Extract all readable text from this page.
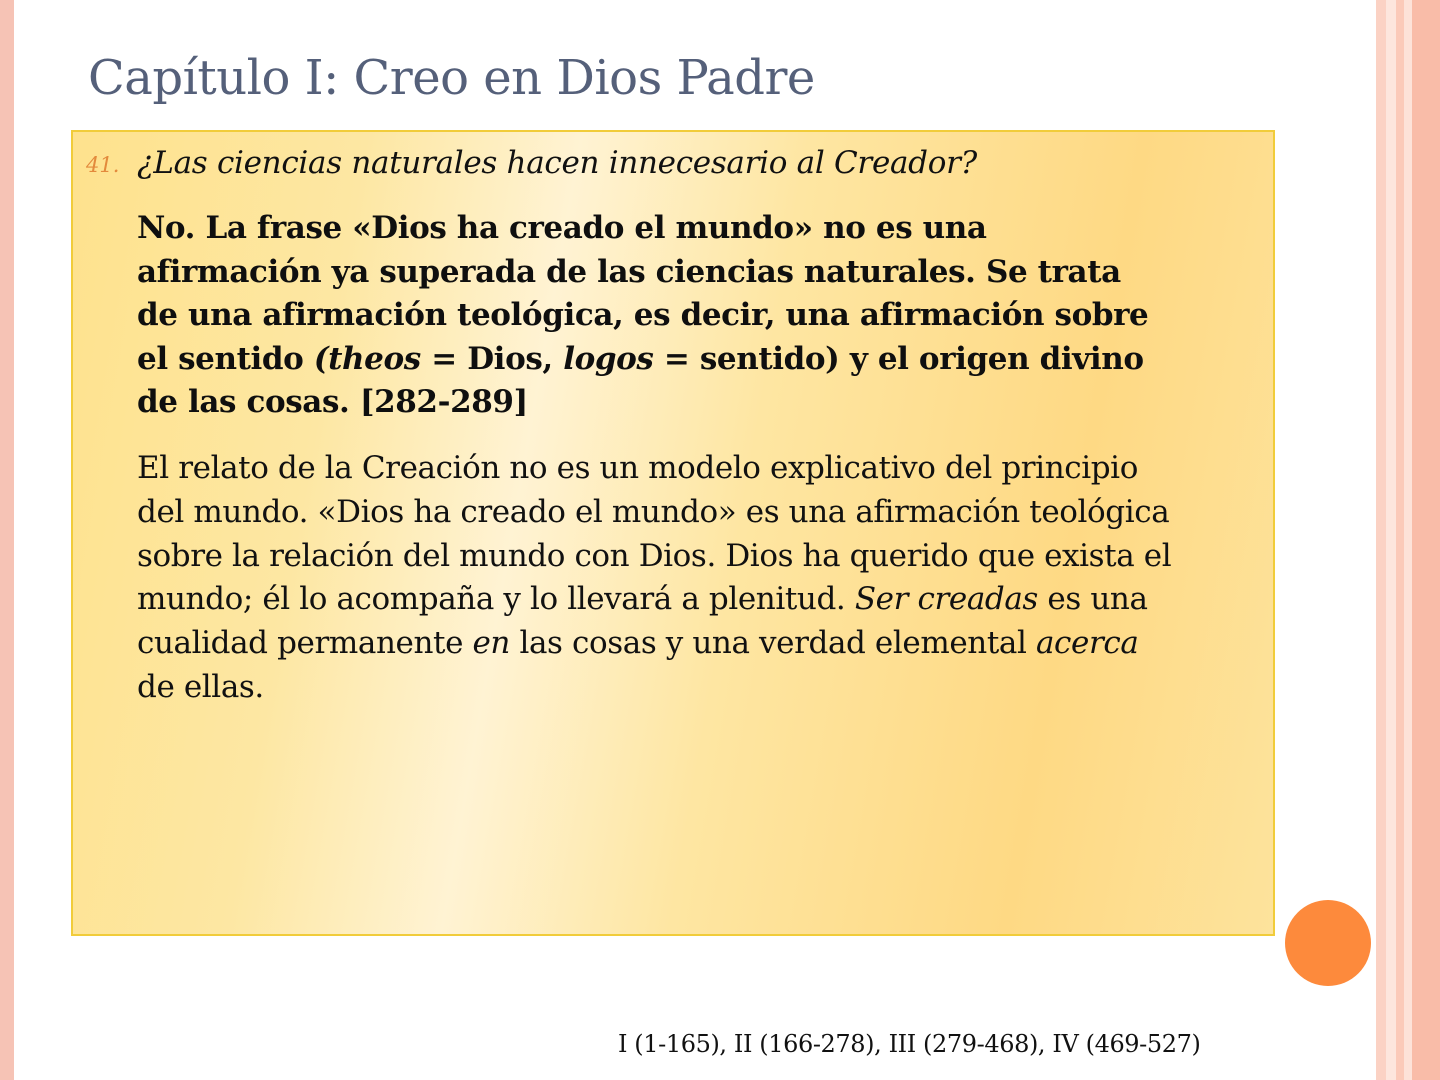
Capítulo I: Creo en Dios Padre
41. ¿Las ciencias naturales hacen innecesario al Creador?

No. La frase «Dios ha creado el mundo» no es una
afirmación ya superada de las ciencias naturales. Se trata
de una afirmación teológica, es decir, una afirmación sobre
el sentido (theos = Dios, logos = sentido) y el origen divino
de las cosas. [282-289]

El relato de la Creación no es un modelo explicativo del principio
del mundo. «Dios ha creado el mundo» es una afirmación teológica
sobre la relación del mundo con Dios. Dios ha querido que exista el
mundo; él lo acompaña y lo llevará a plenitud. Ser creadas es una
cualidad permanente en las cosas y una verdad elemental acerca
de ellas.

I (1-165), II (166-278), III (279-468), IV (469-527)
